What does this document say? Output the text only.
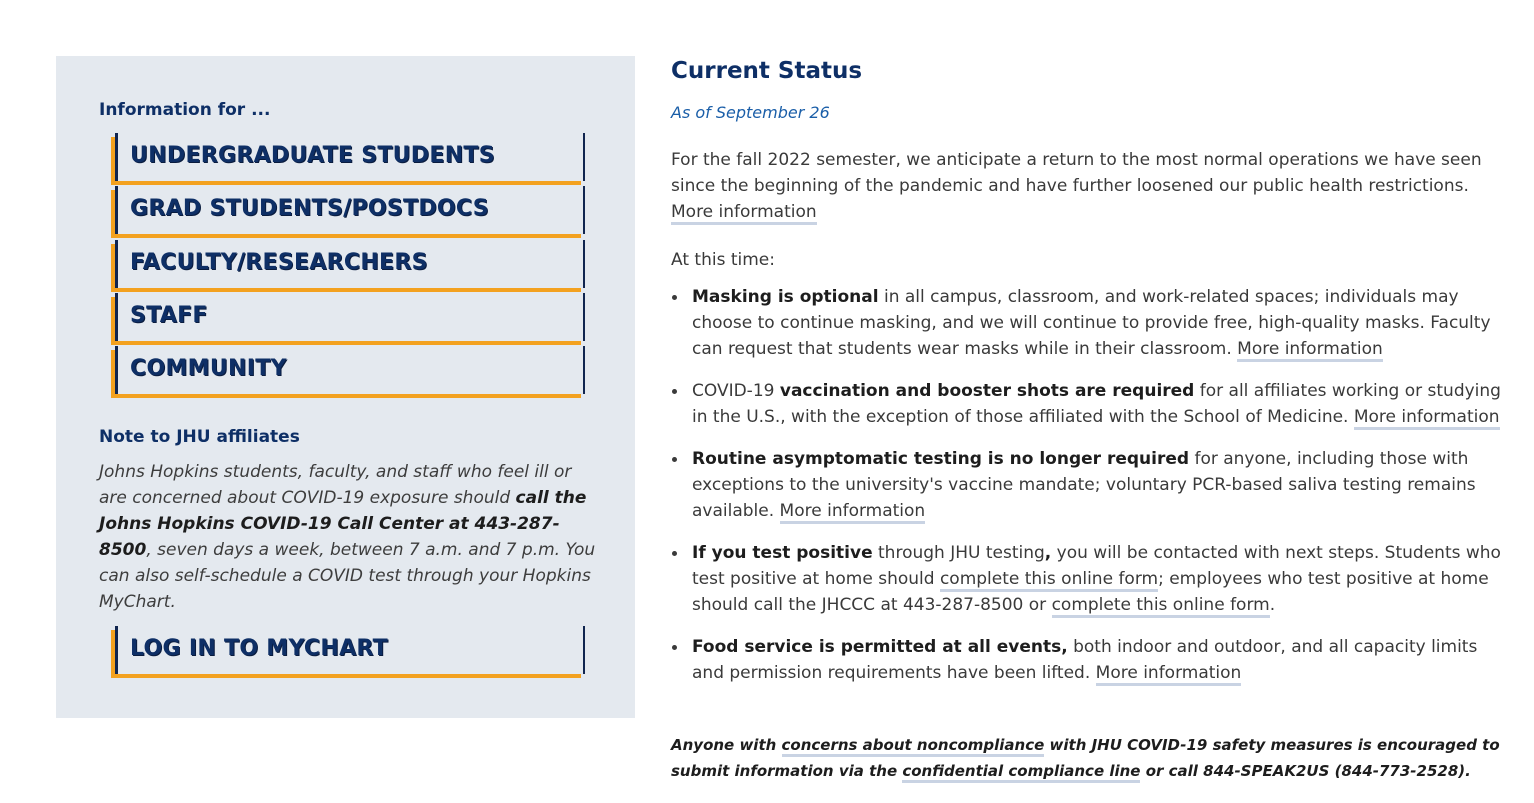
Information for ...
UNDERGRADUATE STUDENTS
GRAD STUDENTS/POSTDOCS
FACULTY/RESEARCHERS
STAFF
COMMUNITY
Note to JHU affiliates

Johns Hopkins students, faculty, and staff who feel ill or are concerned about COVID-19 exposure should call the Johns Hopkins COVID-19 Call Center at 443-287-8500, seven days a week, between 7 a.m. and 7 p.m. You can also self-schedule a COVID test through your Hopkins MyChart.

LOG IN TO MYCHART
Current Status

As of September 26

For the fall 2022 semester, we anticipate a return to the most normal operations we have seen since the beginning of the pandemic and have further loosened our public health restrictions. More information

At this time:

Masking is optional in all campus, classroom, and work-related spaces; individuals may choose to continue masking, and we will continue to provide free, high-quality masks. Faculty can request that students wear masks while in their classroom. More information
COVID-19 vaccination and booster shots are required for all affiliates working or studying in the U.S., with the exception of those affiliated with the School of Medicine. More information
Routine asymptomatic testing is no longer required for anyone, including those with exceptions to the university's vaccine mandate; voluntary PCR-based saliva testing remains available. More information
If you test positive through JHU testing, you will be contacted with next steps. Students who test positive at home should complete this online form; employees who test positive at home should call the JHCCC at 443-287-8500 or complete this online form.
Food service is permitted at all events, both indoor and outdoor, and all capacity limits and permission requirements have been lifted. More information

Anyone with concerns about noncompliance with JHU COVID-19 safety measures is encouraged to submit information via the confidential compliance line or call 844-SPEAK2US (844-773-2528).
